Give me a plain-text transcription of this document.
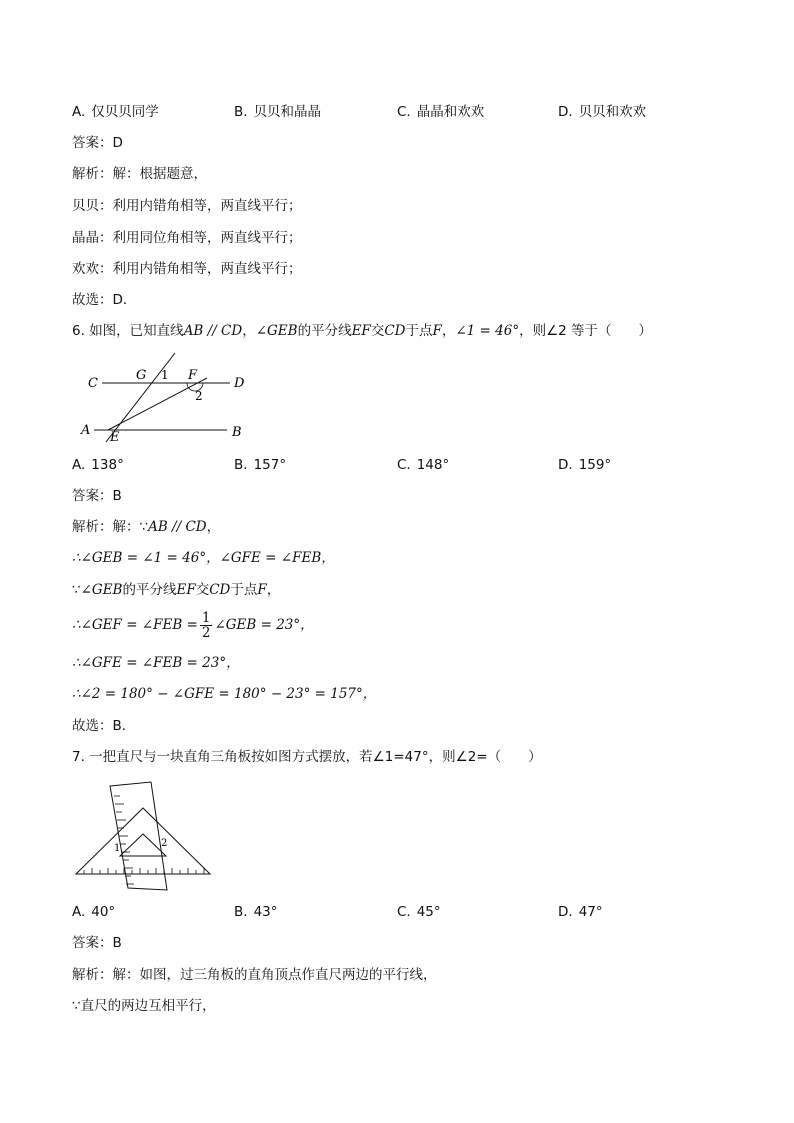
A. 仅贝贝同学	B. 贝贝和晶晶	C. 晶晶和欢欢	D. 贝贝和欢欢
答案：D
解析：解：根据题意，
贝贝：利用内错角相等，两直线平行；
晶晶：利用同位角相等，两直线平行；
欢欢：利用内错角相等，两直线平行；
故选：D．
6. 如图，已知直线AB // CD，∠GEB的平分线EF交CD于点F，∠1 = 46°，则∠2 等于（　　）
C
G 1 F
D
2
A E	B
A. 138°	B. 157°	C. 148°	D. 159°
答案：B
解析：解：∵AB // CD，
∴∠GEB = ∠1 = 46°，∠GFE = ∠FEB，
∵∠GEB的平分线EF交CD于点F，
∴∠GEF = ∠FEB = $\frac{1}{2}$ ∠GEB = 23°，
∴∠GFE = ∠FEB = 23°，
∴∠2 = 180° − ∠GFE = 180° − 23° = 157°，
故选：B．
7. 一把直尺与一块直角三角板按如图方式摆放，若∠1=47°，则∠2=（　　）
1	2
A. 40°	B. 43°	C. 45°	D. 47°
答案：B
解析：解：如图，过三角板的直角顶点作直尺两边的平行线，
∵直尺的两边互相平行，
